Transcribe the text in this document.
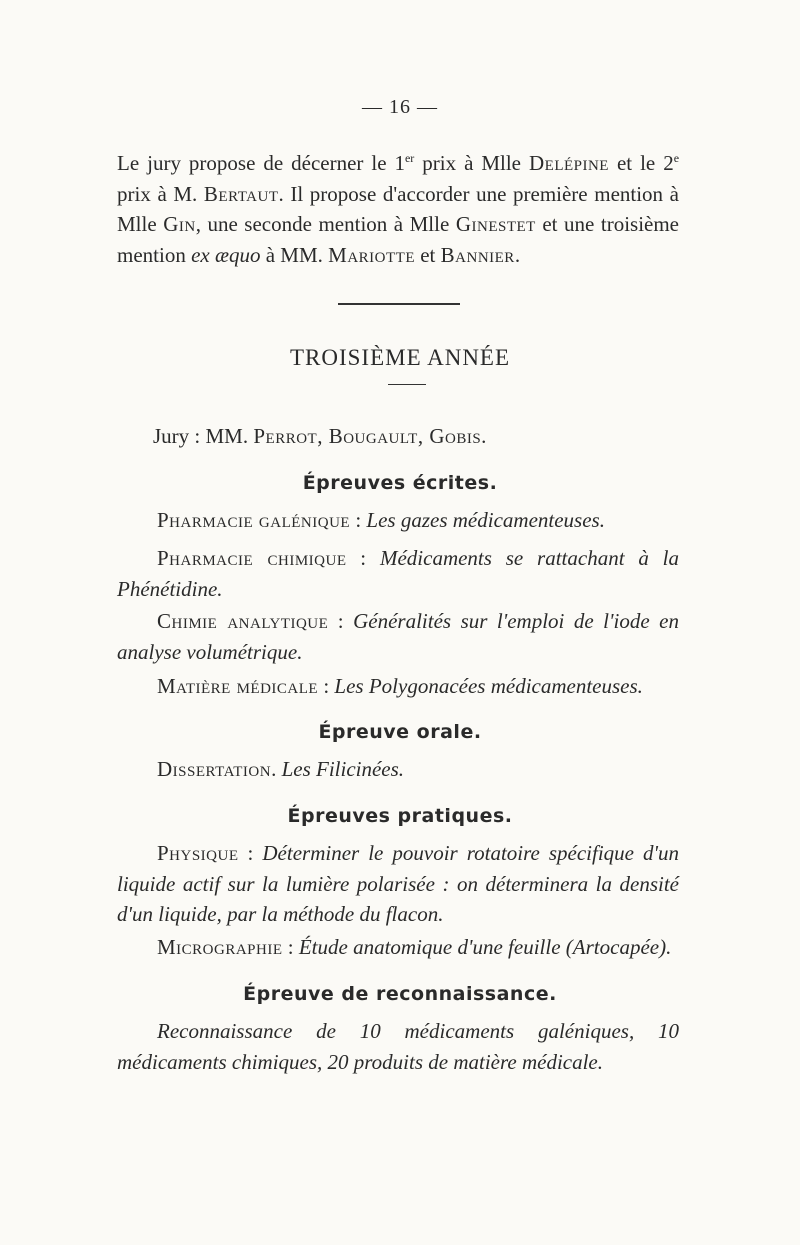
— 16 —
Le jury propose de décerner le 1er prix à Mlle Delépine et le 2e prix à M. Bertaut. Il propose d'accorder une première mention à Mlle Gin, une seconde mention à Mlle Ginestet et une troisième mention ex æquo à MM. Mariotte et Bannier.
TROISIÈME ANNÉE
Jury : MM. Perrot, Bougault, Gobis.
Épreuves écrites.
Pharmacie galénique : Les gazes médicamenteuses.
Pharmacie chimique : Médicaments se rattachant à la Phénétidine.
Chimie analytique : Généralités sur l'emploi de l'iode en analyse volumétrique.
Matière médicale : Les Polygonacées médicamenteuses.
Épreuve orale.
Dissertation. Les Filicinées.
Épreuves pratiques.
Physique : Déterminer le pouvoir rotatoire spécifique d'un liquide actif sur la lumière polarisée : on déterminera la densité d'un liquide, par la méthode du flacon.
Micrographie : Étude anatomique d'une feuille (Artocapée).
Épreuve de reconnaissance.
Reconnaissance de 10 médicaments galéniques, 10 médicaments chimiques, 20 produits de matière médicale.
